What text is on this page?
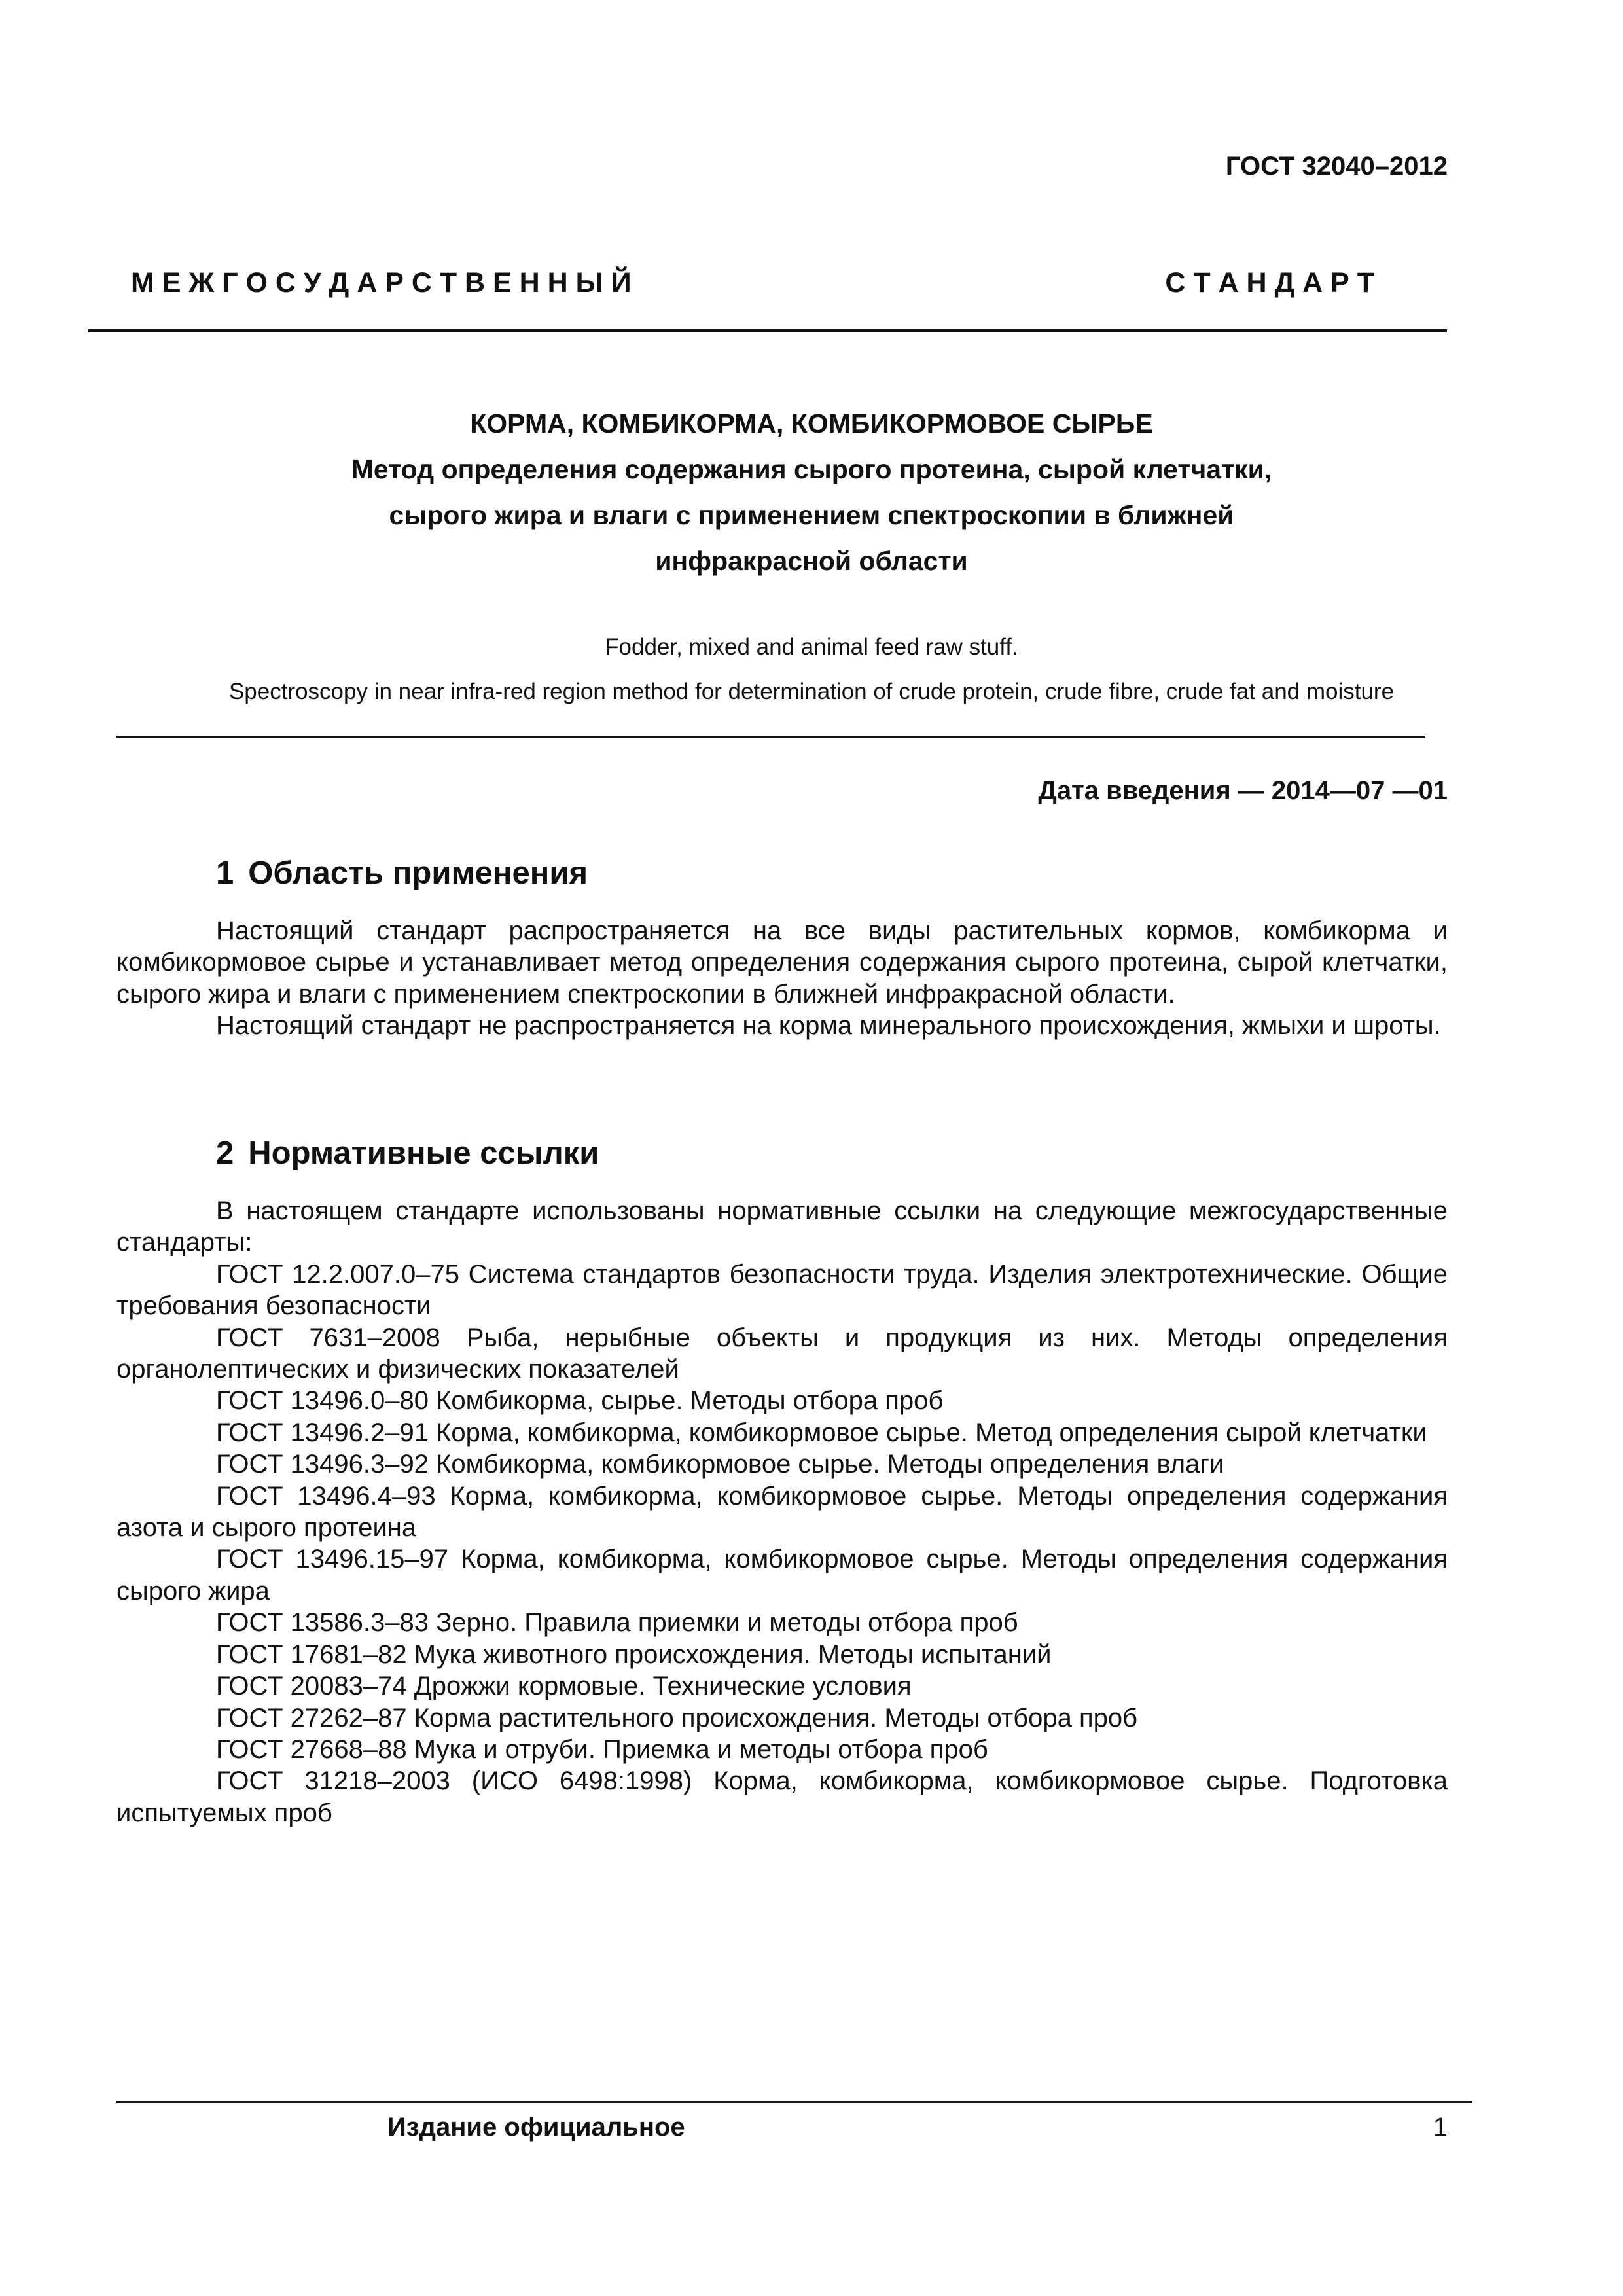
ГОСТ 32040–2012
М Е Ж Г О С У Д А Р С Т В Е Н Н Ы Й	С Т А Н Д А Р Т
КОРМА, КОМБИКОРМА, КОМБИКОРМОВОЕ СЫРЬЕ
Метод определения содержания сырого протеина, сырой клетчатки,
сырого жира и влаги с применением спектроскопии в ближней
инфракрасной области
Fodder, mixed and animal feed raw stuff.
Spectroscopy in near infra-red region method for determination of crude protein, crude fibre, crude fat and moisture
Дата введения — 2014—07 —01
1 Область применения

Настоящий стандарт распространяется на все виды растительных кормов, комбикорма и комбикормовое сырье и устанавливает метод определения содержания сырого протеина, сырой клетчатки, сырого жира и влаги с применением спектроскопии в ближней инфракрасной области.

Настоящий стандарт не распространяется на корма минерального происхождения, жмыхи и шроты.

2 Нормативные ссылки

В настоящем стандарте использованы нормативные ссылки на следующие межгосударственные стандарты:

ГОСТ 12.2.007.0–75 Система стандартов безопасности труда. Изделия электротехнические. Общие требования безопасности

ГОСТ 7631–2008 Рыба, нерыбные объекты и продукция из них. Методы определения органолептических и физических показателей

ГОСТ 13496.0–80 Комбикорма, сырье. Методы отбора проб

ГОСТ 13496.2–91 Корма, комбикорма, комбикормовое сырье. Метод определения сырой клетчатки

ГОСТ 13496.3–92 Комбикорма, комбикормовое сырье. Методы определения влаги

ГОСТ 13496.4–93 Корма, комбикорма, комбикормовое сырье. Методы определения содержания азота и сырого протеина

ГОСТ 13496.15–97 Корма, комбикорма, комбикормовое сырье. Методы определения содержания сырого жира

ГОСТ 13586.3–83 Зерно. Правила приемки и методы отбора проб

ГОСТ 17681–82 Мука животного происхождения. Методы испытаний

ГОСТ 20083–74 Дрожжи кормовые. Технические условия

ГОСТ 27262–87 Корма растительного происхождения. Методы отбора проб

ГОСТ 27668–88 Мука и отруби. Приемка и методы отбора проб

ГОСТ 31218–2003 (ИСО 6498:1998) Корма, комбикорма, комбикормовое сырье. Подготовка испытуемых проб

Издание официальное	1
